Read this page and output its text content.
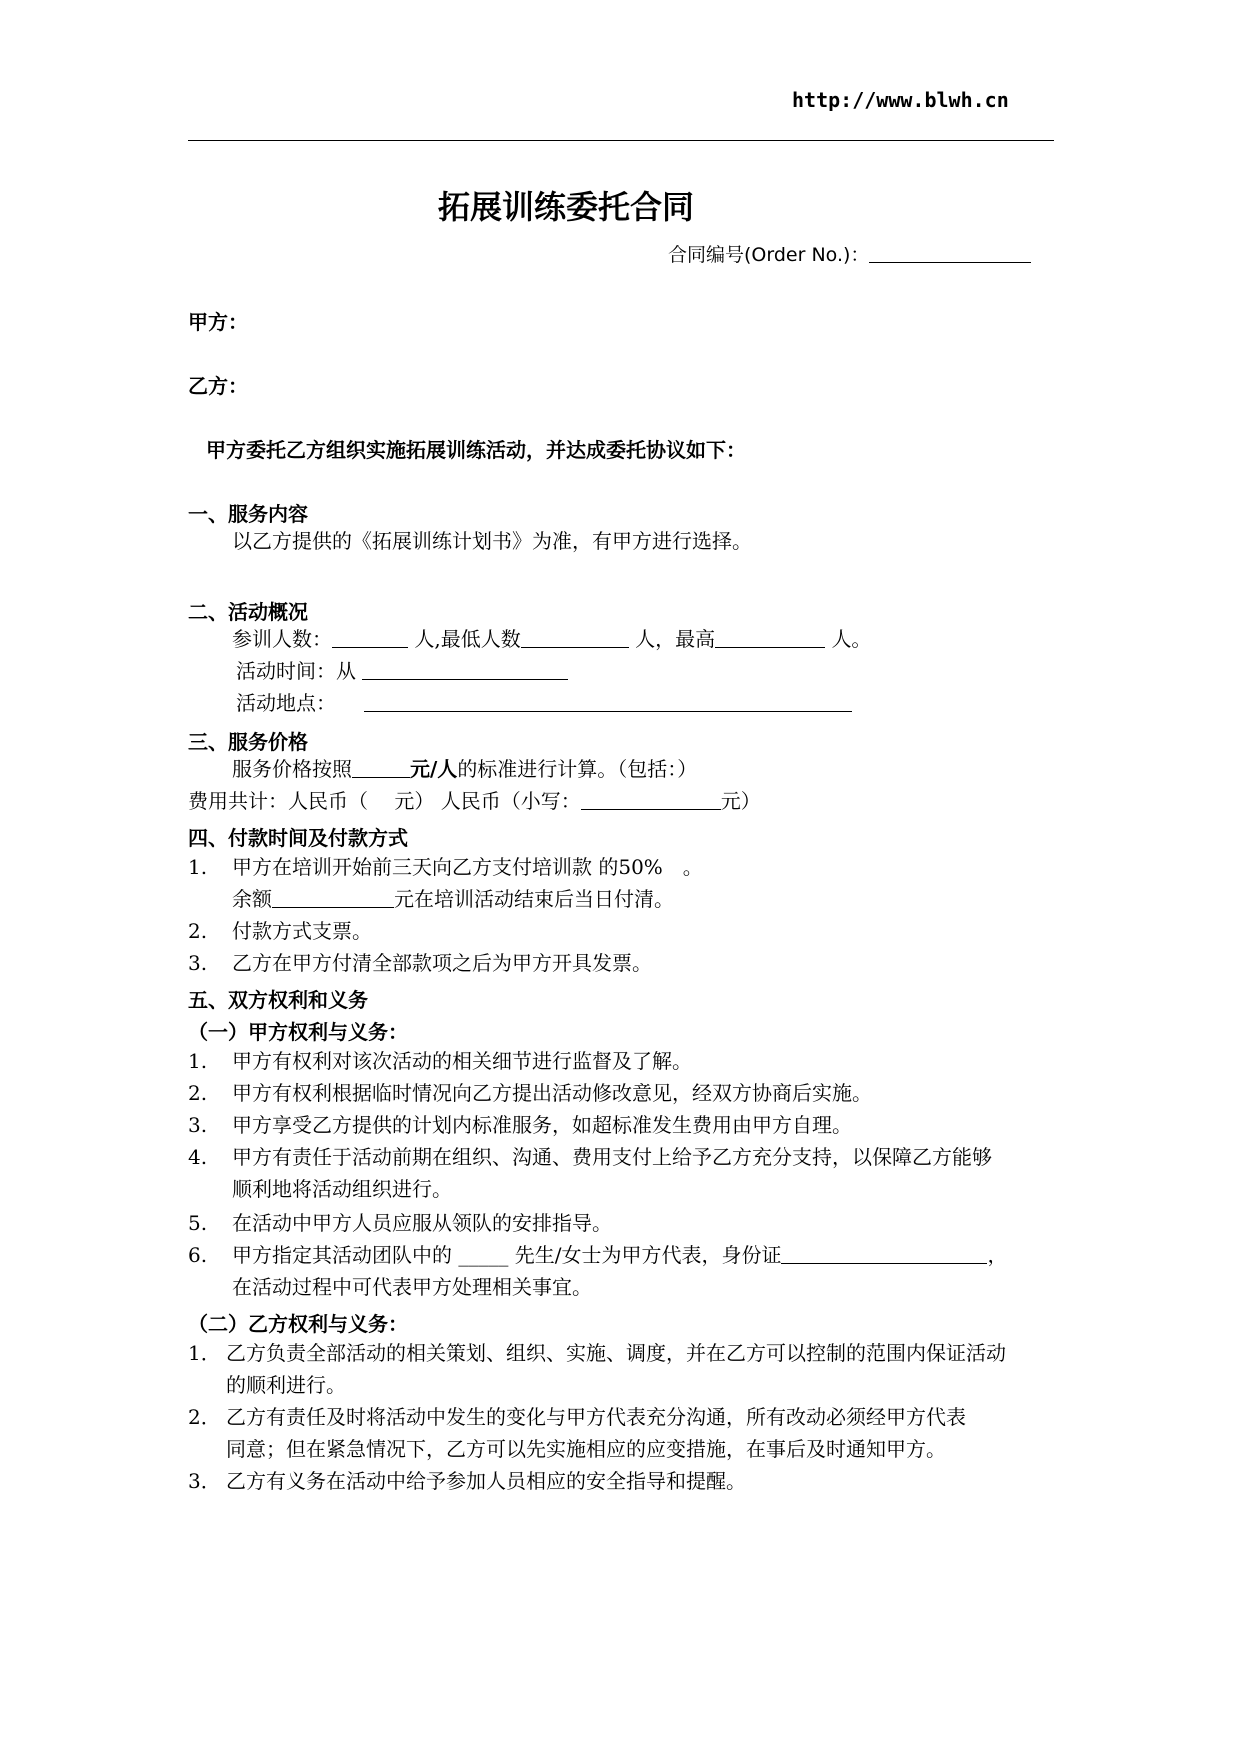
http://www.blwh.cn
拓展训练委托合同
合同编号(Order No.)：
甲方：
乙方：
甲方委托乙方组织实施拓展训练活动，并达成委托协议如下：
一、服务内容
以乙方提供的《拓展训练计划书》为准，有甲方进行选择。
二、活动概况
参训人数：	人,最低人数	人，最高	人。
活动时间：从
活动地点：
三、服务价格
服务价格按照	元/人的标准进行计算。（包括：）
费用共计：人民币（　 元） 人民币（小写：	元）
四、付款时间及付款方式
1. 甲方在培训开始前三天向乙方支付培训款 的50%　。
余额	元在培训活动结束后当日付清。
2. 付款方式支票。
3. 乙方在甲方付清全部款项之后为甲方开具发票。
五、双方权利和义务
（一）甲方权利与义务：
1. 甲方有权利对该次活动的相关细节进行监督及了解。
2. 甲方有权利根据临时情况向乙方提出活动修改意见，经双方协商后实施。
3. 甲方享受乙方提供的计划内标准服务，如超标准发生费用由甲方自理。
4. 甲方有责任于活动前期在组织、沟通、费用支付上给予乙方充分支持，以保障乙方能够
顺利地将活动组织进行。
5. 在活动中甲方人员应服从领队的安排指导。
6. 甲方指定其活动团队中的 _____ 先生/女士为甲方代表，身份证	，
在活动过程中可代表甲方处理相关事宜。
（二）乙方权利与义务：
1． 乙方负责全部活动的相关策划、组织、实施、调度，并在乙方可以控制的范围内保证活动
的顺利进行。
2． 乙方有责任及时将活动中发生的变化与甲方代表充分沟通，所有改动必须经甲方代表
同意；但在紧急情况下，乙方可以先实施相应的应变措施，在事后及时通知甲方。
3． 乙方有义务在活动中给予参加人员相应的安全指导和提醒。
